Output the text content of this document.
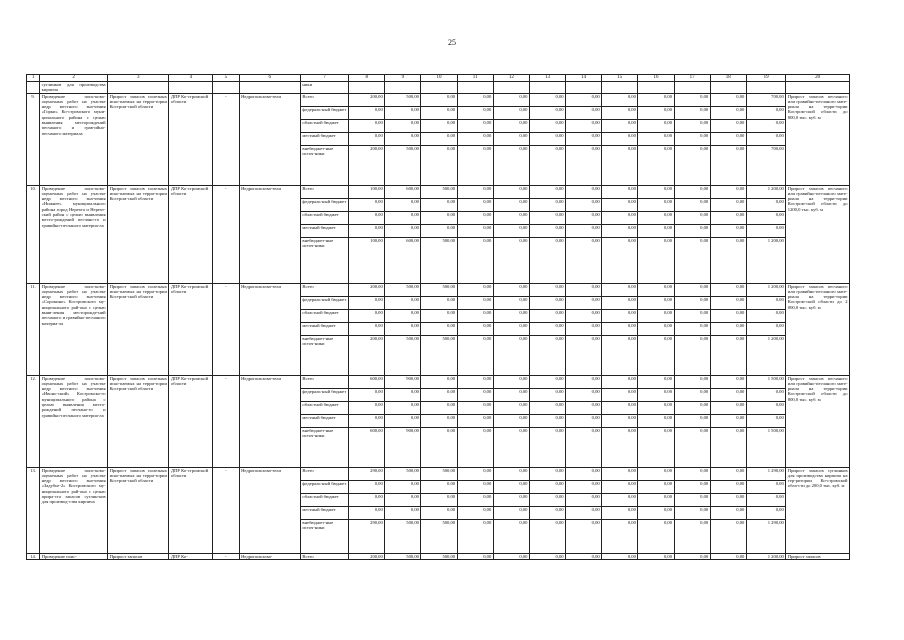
25
1	2	3	4	5	6	7	8	9	10	11	12	13	14	15	16	17	18	19	20
	суглинков для производства кирпича					ники													
9.	Проведение поис-ково-оценочных работ на участке недр местного зна-чения «Горки» Ко-стромского муни-ципального района с целью выявления месторождений песчаного и грав-ийно-песчаного материала	Прирост запасов полезных иско-паемых на терри-тории Костром-ской области	ДПР Ко-стромской области	-	Недропользова-тели	Всего	200,00	500,00	0,00	0,00	0,00	0,00	0,00	0,00	0,00	0,00	0,00	700,00	Прирост запасов песчаного или гравийно-песчаного мате-риала на терри-тории Костром-ской области до 800,0 тыс. куб. м
						федераль-ный бюджет	0,00	0,00	0,00	0,00	0,00	0,00	0,00	0,00	0,00	0,00	0,00	0,00	
						областной бюджет	0,00	0,00	0,00	0,00	0,00	0,00	0,00	0,00	0,00	0,00	0,00	0,00	
						местный бюджет	0,00	0,00	0,00	0,00	0,00	0,00	0,00	0,00	0,00	0,00	0,00	0,00	
						внебюджет-ные источ-ники	200,00	500,00	0,00	0,00	0,00	0,00	0,00	0,00	0,00	0,00	0,00	700,00	
10.	Проведение поис-ково-оценочных работ на участке недр местного зна-чения «Нижнее» муниципального района город Нерехта и Нерехт-ский район с целью выявления место-рождений песчано-го и гравийно-песчаного материа-ла	Прирост запасов полезных иско-паемых на терри-тории Костром-ской области	ДПР Ко-стромской области	-	Недропользова-тели	Всего	100,00	600,00	500,00	0,00	0,00	0,00	0,00	0,00	0,00	0,00	0,00	1 200,00	Прирост запасов песчаного или гравийно-песчаного мате-риала на терри-тории Костром-ской области до 1200,0 тыс. куб. м
						федераль-ный бюджет	0,00	0,00	0,00	0,00	0,00	0,00	0,00	0,00	0,00	0,00	0,00	0,00	
						областной бюджет	0,00	0,00	0,00	0,00	0,00	0,00	0,00	0,00	0,00	0,00	0,00	0,00	
						местный бюджет	0,00	0,00	0,00	0,00	0,00	0,00	0,00	0,00	0,00	0,00	0,00	0,00	
						внебюджет-ные источ-ники	100,00	600,00	500,00	0,00	0,00	0,00	0,00	0,00	0,00	0,00	0,00	1 200,00	
11.	Проведение поис-ково-оценочных работ на участке недр местного зна-чения «Сорокино» Костромского му-ниципального рай-она с целью выяв-ления месторожде-ний песчаного и гравийно-песчаного материа-ла	Прирост запасов полезных иско-паемых на терри-тории Костром-ской области	ДПР Ко-стромской области	-	Недропользова-тели	Всего	200,00	500,00	500,00	0,00	0,00	0,00	0,00	0,00	0,00	0,00	0,00	1 200,00	Прирост запасов песчаного или гравийно-песчаного мате-риала на терри-тории Костром-ской области до 2 000,0 тыс. куб. м
						федераль-ный бюджет	0,00	0,00	0,00	0,00	0,00	0,00	0,00	0,00	0,00	0,00	0,00	0,00	
						областной бюджет	0,00	0,00	0,00	0,00	0,00	0,00	0,00	0,00	0,00	0,00	0,00	0,00	
						местный бюджет	0,00	0,00	0,00	0,00	0,00	0,00	0,00	0,00	0,00	0,00	0,00	0,00	
						внебюджет-ные источ-ники	200,00	500,00	500,00	0,00	0,00	0,00	0,00	0,00	0,00	0,00	0,00	1 200,00	
12.	Проведение поис-ково-оценочных работ на участке недр местного зна-чения «Ивоно-ский» Костромско-го муниципального района с целью выявления место-рождений песчано-го и гравийно-песчаного материа-ла	Прирост запасов полезных иско-паемых на терри-тории Костром-ской области	ДПР Ко-стромской области	-	Недропользова-тели	Всего	600,00	900,00	0,00	0,00	0,00	0,00	0,00	0,00	0,00	0,00	0,00	1 500,00	Прирост запасов песчаного или гравийно-песчаного мате-риала на терри-тории Костром-ской области до 800,0 тыс. куб. м
						федераль-ный бюджет	0,00	0,00	0,00	0,00	0,00	0,00	0,00	0,00	0,00	0,00	0,00	0,00	
						областной бюджет	0,00	0,00	0,00	0,00	0,00	0,00	0,00	0,00	0,00	0,00	0,00	0,00	
						местный бюджет	0,00	0,00	0,00	0,00	0,00	0,00	0,00	0,00	0,00	0,00	0,00	0,00	
						внебюджет-ные источ-ники	600,00	900,00	0,00	0,00	0,00	0,00	0,00	0,00	0,00	0,00	0,00	1 500,00	
13.	Проведение поис-ково-оценочных работ на участке недр местного зна-чения «Задубье-2» Костромского му-ниципального рай-она с целью прира-ста запасов суглин-ков для производ-ства кирпича	Прирост запасов полезных иско-паемых на терри-тории Костром-ской области	ДПР Ко-стромской области	-	Недропользова-тели	Всего	290,00	500,00	500,00	0,00	0,00	0,00	0,00	0,00	0,00	0,00	0,00	1 290,00	Прирост запасов суглинков для производства кирпича на тер-ритории Ко-стромской обла-сти до 200,0 тыс. куб. м
						федераль-ный бюджет	0,00	0,00	0,00	0,00	0,00	0,00	0,00	0,00	0,00	0,00	0,00	0,00	
						областной бюджет	0,00	0,00	0,00	0,00	0,00	0,00	0,00	0,00	0,00	0,00	0,00	0,00	
						местный бюджет	0,00	0,00	0,00	0,00	0,00	0,00	0,00	0,00	0,00	0,00	0,00	0,00	
						внебюджет-ные источ-ники	290,00	500,00	500,00	0,00	0,00	0,00	0,00	0,00	0,00	0,00	0,00	1 290,00	
14.	Проведение поис-	Прирост запасов	ДПР Ко-	-	Недропользова-	Всего	200,00	500,00	500,00	0,00	0,00	0,00	0,00	0,00	0,00	0,00	0,00	1 200,00	Прирост запасов
